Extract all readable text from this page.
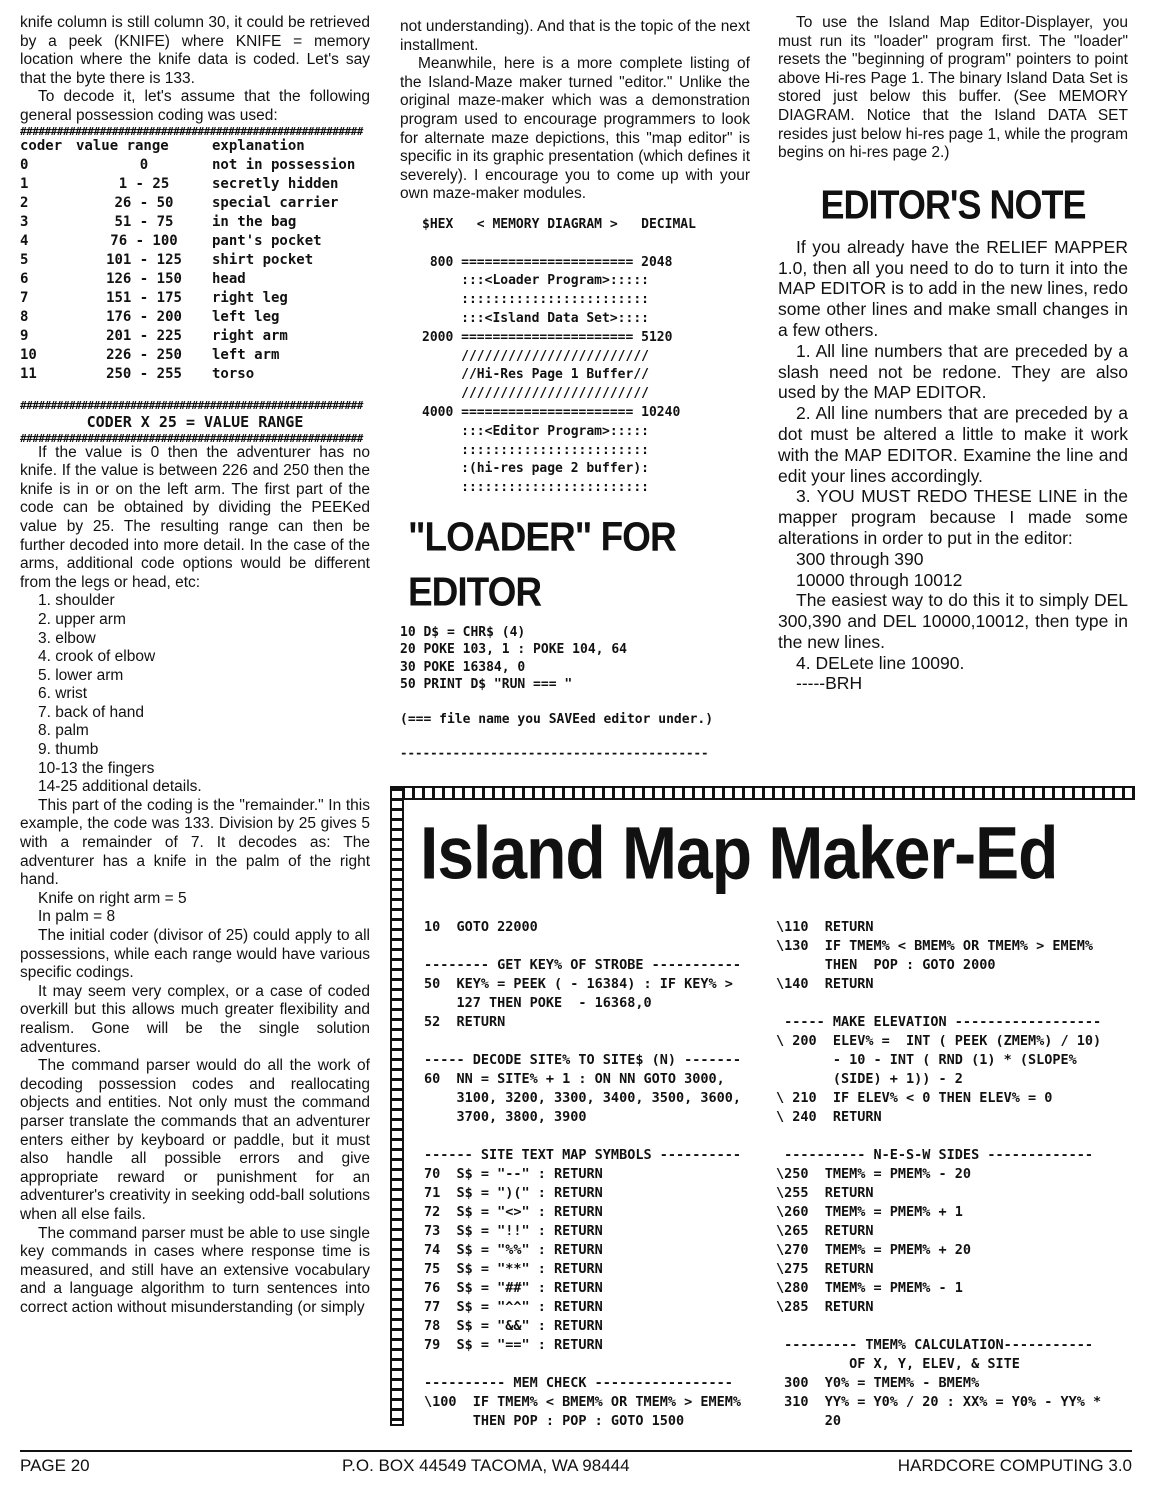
knife column is still column 30, it could be retrieved by a peek (KNIFE) where KNIFE = memory location where the knife data is coded. Let's say that the byte there is 133.

To decode it, let's assume that the following general possession coding was used:

########################################################
coder	value range	explanation
0	0	not in possession
1	1 - 25	secretly hidden
2	26 - 50	special carrier
3	51 - 75	in the bag
4	76 - 100	pant's pocket
5	101 - 125	shirt pocket
6	126 - 150	head
7	151 - 175	right leg
8	176 - 200	left leg
9	201 - 225	right arm
10	226 - 250	left arm
11	250 - 255	torso
########################################################
CODER X 25 = VALUE RANGE
########################################################

If the value is 0 then the adventurer has no knife. If the value is between 226 and 250 then the knife is in or on the left arm. The first part of the code can be obtained by dividing the PEEKed value by 25. The resulting range can then be further decoded into more detail. In the case of the arms, additional code options would be different from the legs or head, etc:

1. shoulder
2. upper arm
3. elbow
4. crook of elbow
5. lower arm
6. wrist
7. back of hand
8. palm
9. thumb
10-13 the fingers
14-25 additional details.

This part of the coding is the "remainder." In this example, the code was 133. Division by 25 gives 5 with a remainder of 7. It decodes as: The adventurer has a knife in the palm of the right hand.

Knife on right arm = 5

In palm = 8

The initial coder (divisor of 25) could apply to all possessions, while each range would have various specific codings.

It may seem very complex, or a case of coded overkill but this allows much greater flexibility and realism. Gone will be the single solution adventures.

The command parser would do all the work of decoding possession codes and reallocating objects and entities. Not only must the command parser translate the commands that an adventurer enters either by keyboard or paddle, but it must also handle all possible errors and give appropriate reward or punishment for an adventurer's creativity in seeking odd-ball solutions when all else fails.

The command parser must be able to use single key commands in cases where response time is measured, and still have an extensive vocabulary and a language algorithm to turn sentences into correct action without misunderstanding (or simply

not understanding). And that is the topic of the next installment.

Meanwhile, here is a more complete listing of the Island-Maze maker turned "editor." Unlike the original maze-maker which was a demonstration program used to encourage programmers to look for alternate maze depictions, this "map editor" is specific in its graphic presentation (which defines it severely). I encourage you to come up with your own maze-maker modules.

$HEX   < MEMORY DIAGRAM >   DECIMAL

800 ====================== 2048
:::<Loader Program>:::::
::::::::::::::::::::::::
:::<Island Data Set>::::
2000 ====================== 5120
////////////////////////
//Hi-Res Page 1 Buffer//
////////////////////////
4000 ====================== 10240
:::<Editor Program>:::::
::::::::::::::::::::::::
:(hi-res page 2 buffer):
::::::::::::::::::::::::
"LOADER" FOR EDITOR
10 D$ = CHR$ (4)
20 POKE 103, 1 : POKE 104, 64
30 POKE 16384, 0
50 PRINT D$ "RUN === "

(=== file name you SAVEed editor under.)
-----------------------------------------

To use the Island Map Editor-Displayer, you must run its "loader" program first. The "loader" resets the "beginning of program" pointers to point above Hi-res Page 1. The binary Island Data Set is stored just below this buffer. (See MEMORY DIAGRAM. Notice that the Island DATA SET resides just below hi-res page 1, while the program begins on hi-res page 2.)

EDITOR'S NOTE

If you already have the RELIEF MAPPER 1.0, then all you need to do to turn it into the MAP EDITOR is to add in the new lines, redo some other lines and make small changes in a few others.

1. All line numbers that are preceded by a slash need not be redone. They are also used by the MAP EDITOR.

2. All line numbers that are preceded by a dot must be altered a little to make it work with the MAP EDITOR. Examine the line and edit your lines accordingly.

3. YOU MUST REDO THESE LINE in the mapper program because I made some alterations in order to put in the editor:

300 through 390

10000 through 10012

The easiest way to do this it to simply DEL 300,390 and DEL 10000,10012, then type in the new lines.

4. DELete line 10090.

-----BRH

Island Map Maker-Ed
10  GOTO 22000

-------- GET KEY% OF STROBE -----------
50  KEY% = PEEK ( - 16384) : IF KEY% >
127 THEN POKE  - 16368,0
52  RETURN

----- DECODE SITE% TO SITE$ (N) -------
60  NN = SITE% + 1 : ON NN GOTO 3000,
3100, 3200, 3300, 3400, 3500, 3600,
3700, 3800, 3900

------ SITE TEXT MAP SYMBOLS ----------
70  S$ = "--" : RETURN
71  S$ = ")(" : RETURN
72  S$ = "<>" : RETURN
73  S$ = "!!" : RETURN
74  S$ = "%%" : RETURN
75  S$ = "**" : RETURN
76  S$ = "##" : RETURN
77  S$ = "^^" : RETURN
78  S$ = "&&" : RETURN
79  S$ = "==" : RETURN

---------- MEM CHECK -----------------
\100  IF TMEM% < BMEM% OR TMEM% > EMEM%
THEN POP : POP : GOTO 1500
\110  RETURN
\130  IF TMEM% < BMEM% OR TMEM% > EMEM%
THEN  POP : GOTO 2000
\140  RETURN

----- MAKE ELEVATION ------------------
\ 200  ELEV% =  INT ( PEEK (ZMEM%) / 10)
- 10 - INT ( RND (1) * (SLOPE%
(SIDE) + 1)) - 2
\ 210  IF ELEV% < 0 THEN ELEV% = 0
\ 240  RETURN

---------- N-E-S-W SIDES -------------
\250  TMEM% = PMEM% - 20
\255  RETURN
\260  TMEM% = PMEM% + 1
\265  RETURN
\270  TMEM% = PMEM% + 20
\275  RETURN
\280  TMEM% = PMEM% - 1
\285  RETURN

--------- TMEM% CALCULATION-----------
OF X, Y, ELEV, & SITE
300  Y0% = TMEM% - BMEM%
310  YY% = Y0% / 20 : XX% = Y0% - YY% *
20
PAGE 20	P.O. BOX 44549 TACOMA, WA 98444	HARDCORE COMPUTING 3.0
